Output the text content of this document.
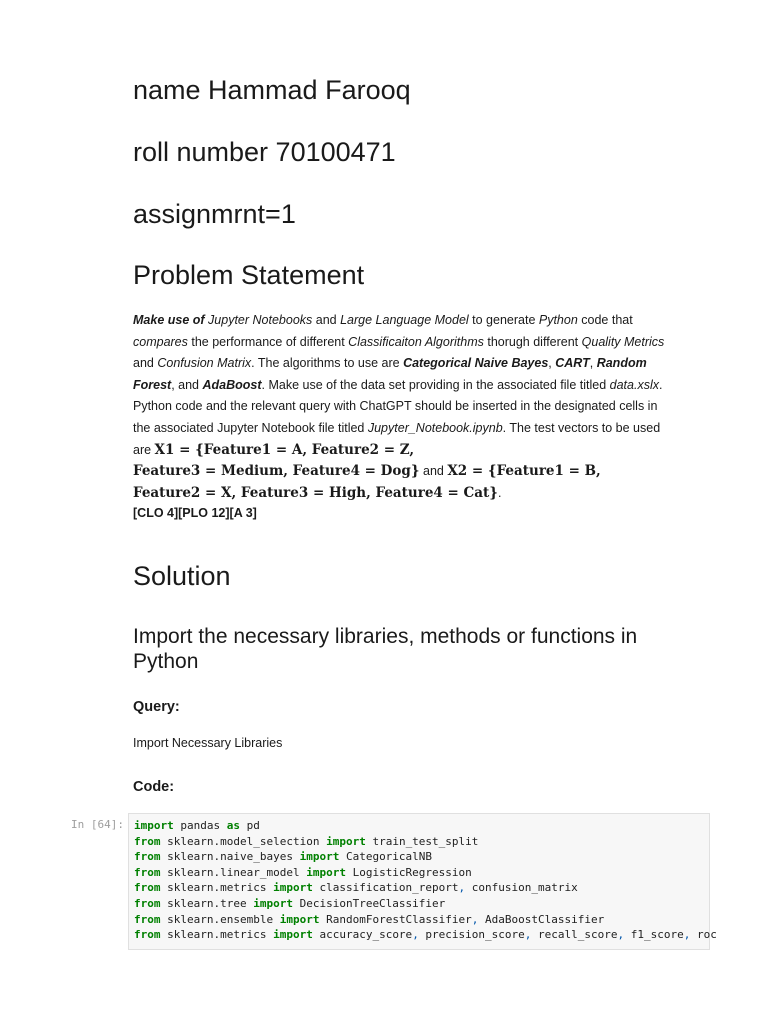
name Hammad Farooq
roll number 70100471
assignmrnt=1
Problem Statement

Make use of Jupyter Notebooks and Large Language Model to generate Python code that compares the performance of different Classificaiton Algorithms thorugh different Quality Metrics and Confusion Matrix. The algorithms to use are Categorical Naive Bayes, CART, Random Forest, and AdaBoost. Make use of the data set providing in the associated file titled data.xslx. Python code and the relevant query with ChatGPT should be inserted in the designated cells in the associated Jupyter Notebook file titled Jupyter_Notebook.ipynb. The test vectors to be used are X1 = {Feature1 = A, Feature2 = Z,
Feature3 = Medium, Feature4 = Dog} and X2 = {Feature1 = B,
Feature2 = X, Feature3 = High, Feature4 = Cat}.

[CLO 4][PLO 12][A 3]

Solution
Import the necessary libraries, methods or functions in Python
Query:

Import Necessary Libraries

Code:
In [64]: import pandas as pd
from sklearn.model_selection import train_test_split
from sklearn.naive_bayes import CategoricalNB
from sklearn.linear_model import LogisticRegression
from sklearn.metrics import classification_report, confusion_matrix
from sklearn.tree import DecisionTreeClassifier
from sklearn.ensemble import RandomForestClassifier, AdaBoostClassifier
from sklearn.metrics import accuracy_score, precision_score, recall_score, f1_score, roc
